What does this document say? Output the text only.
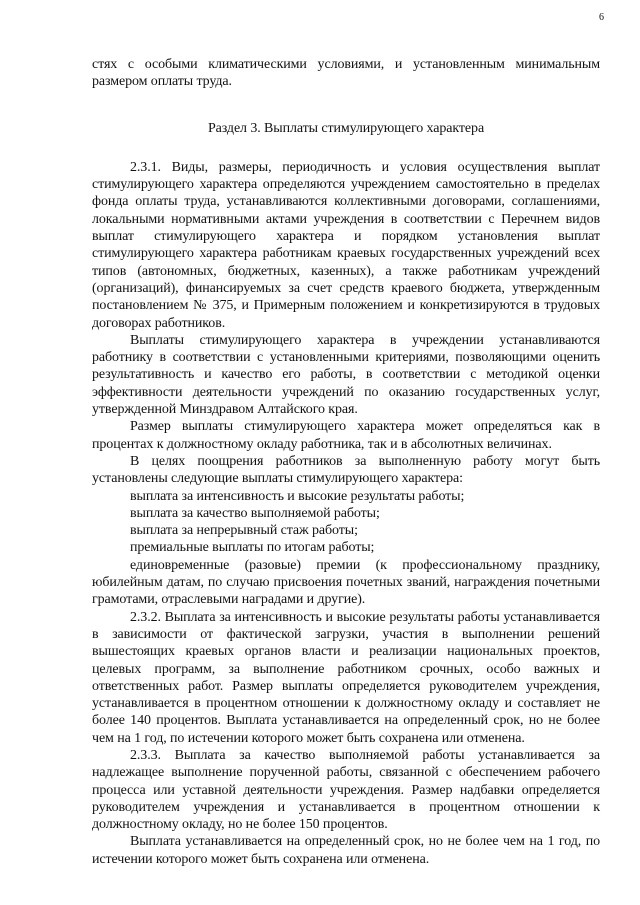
6

стях с особыми климатическими условиями, и установленным минимальным размером оплаты труда.

Раздел 3. Выплаты стимулирующего характера

2.3.1. Виды, размеры, периодичность и условия осуществления выплат стимулирующего характера определяются учреждением самостоятельно в пределах фонда оплаты труда, устанавливаются коллективными договорами, соглашениями, локальными нормативными актами учреждения в соответствии с Перечнем видов выплат стимулирующего характера и порядком установления выплат стимулирующего характера работникам краевых государственных учреждений всех типов (автономных, бюджетных, казенных), а также работникам учреждений (организаций), финансируемых за счет средств краевого бюджета, утвержденным постановлением № 375, и Примерным положением и конкретизируются в трудовых договорах работников.

Выплаты стимулирующего характера в учреждении устанавливаются работнику в соответствии с установленными критериями, позволяющими оценить результативность и качество его работы, в соответствии с методикой оценки эффективности деятельности учреждений по оказанию государственных услуг, утвержденной Минздравом Алтайского края.

Размер выплаты стимулирующего характера может определяться как в процентах к должностному окладу работника, так и в абсолютных величинах.

В целях поощрения работников за выполненную работу могут быть установлены следующие выплаты стимулирующего характера:

выплата за интенсивность и высокие результаты работы;

выплата за качество выполняемой работы;

выплата за непрерывный стаж работы;

премиальные выплаты по итогам работы;

единовременные (разовые) премии (к профессиональному празднику, юбилейным датам, по случаю присвоения почетных званий, награждения почетными грамотами, отраслевыми наградами и другие).

2.3.2. Выплата за интенсивность и высокие результаты работы устанавливается в зависимости от фактической загрузки, участия в выполнении решений вышестоящих краевых органов власти и реализации национальных проектов, целевых программ, за выполнение работником срочных, особо важных и ответственных работ. Размер выплаты определяется руководителем учреждения, устанавливается в процентном отношении к должностному окладу и составляет не более 140 процентов. Выплата устанавливается на определенный срок, но не более чем на 1 год, по истечении которого может быть сохранена или отменена.

2.3.3. Выплата за качество выполняемой работы устанавливается за надлежащее выполнение порученной работы, связанной с обеспечением рабочего процесса или уставной деятельности учреждения. Размер надбавки определяется руководителем учреждения и устанавливается в процентном отношении к должностному окладу, но не более 150 процентов.

Выплата устанавливается на определенный срок, но не более чем на 1 год, по истечении которого может быть сохранена или отменена.
